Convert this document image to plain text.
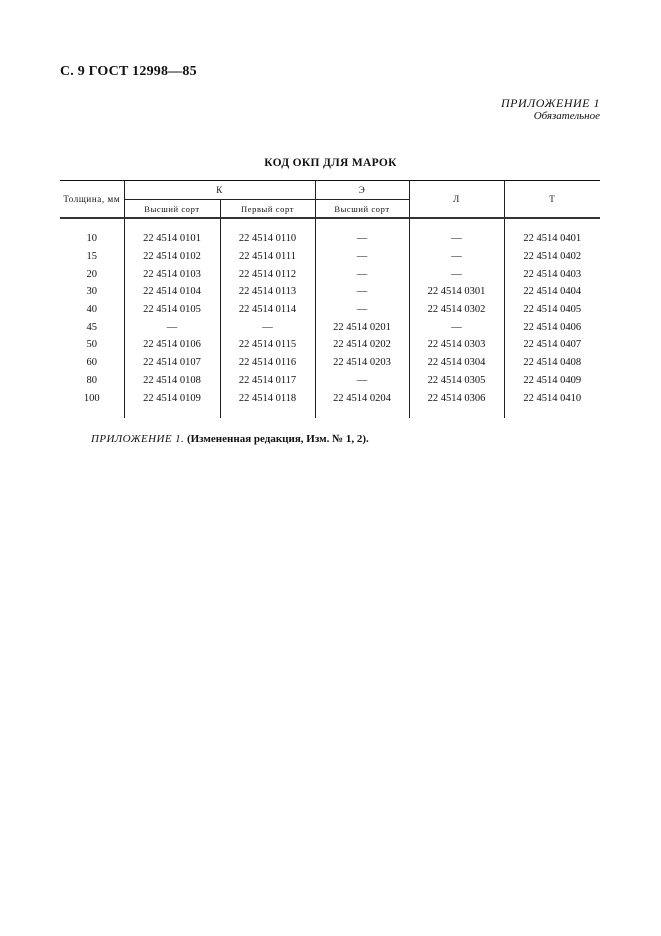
С. 9 ГОСТ 12998—85
ПРИЛОЖЕНИЕ 1
Обязательное
КОД ОКП ДЛЯ МАРОК
Толщина, мм	К		Э	Л	Т
	Высший сорт	Первый сорт	Высший сорт		

10	22 4514 0101	22 4514 0110	—	—	22 4514 0401
15	22 4514 0102	22 4514 0111	—	—	22 4514 0402
20	22 4514 0103	22 4514 0112	—	—	22 4514 0403
30	22 4514 0104	22 4514 0113	—	22 4514 0301	22 4514 0404
40	22 4514 0105	22 4514 0114	—	22 4514 0302	22 4514 0405
45	—	—	22 4514 0201	—	22 4514 0406
50	22 4514 0106	22 4514 0115	22 4514 0202	22 4514 0303	22 4514 0407
60	22 4514 0107	22 4514 0116	22 4514 0203	22 4514 0304	22 4514 0408
80	22 4514 0108	22 4514 0117	—	22 4514 0305	22 4514 0409
100	22 4514 0109	22 4514 0118	22 4514 0204	22 4514 0306	22 4514 0410

ПРИЛОЖЕНИЕ 1. (Измененная редакция, Изм. № 1, 2).
